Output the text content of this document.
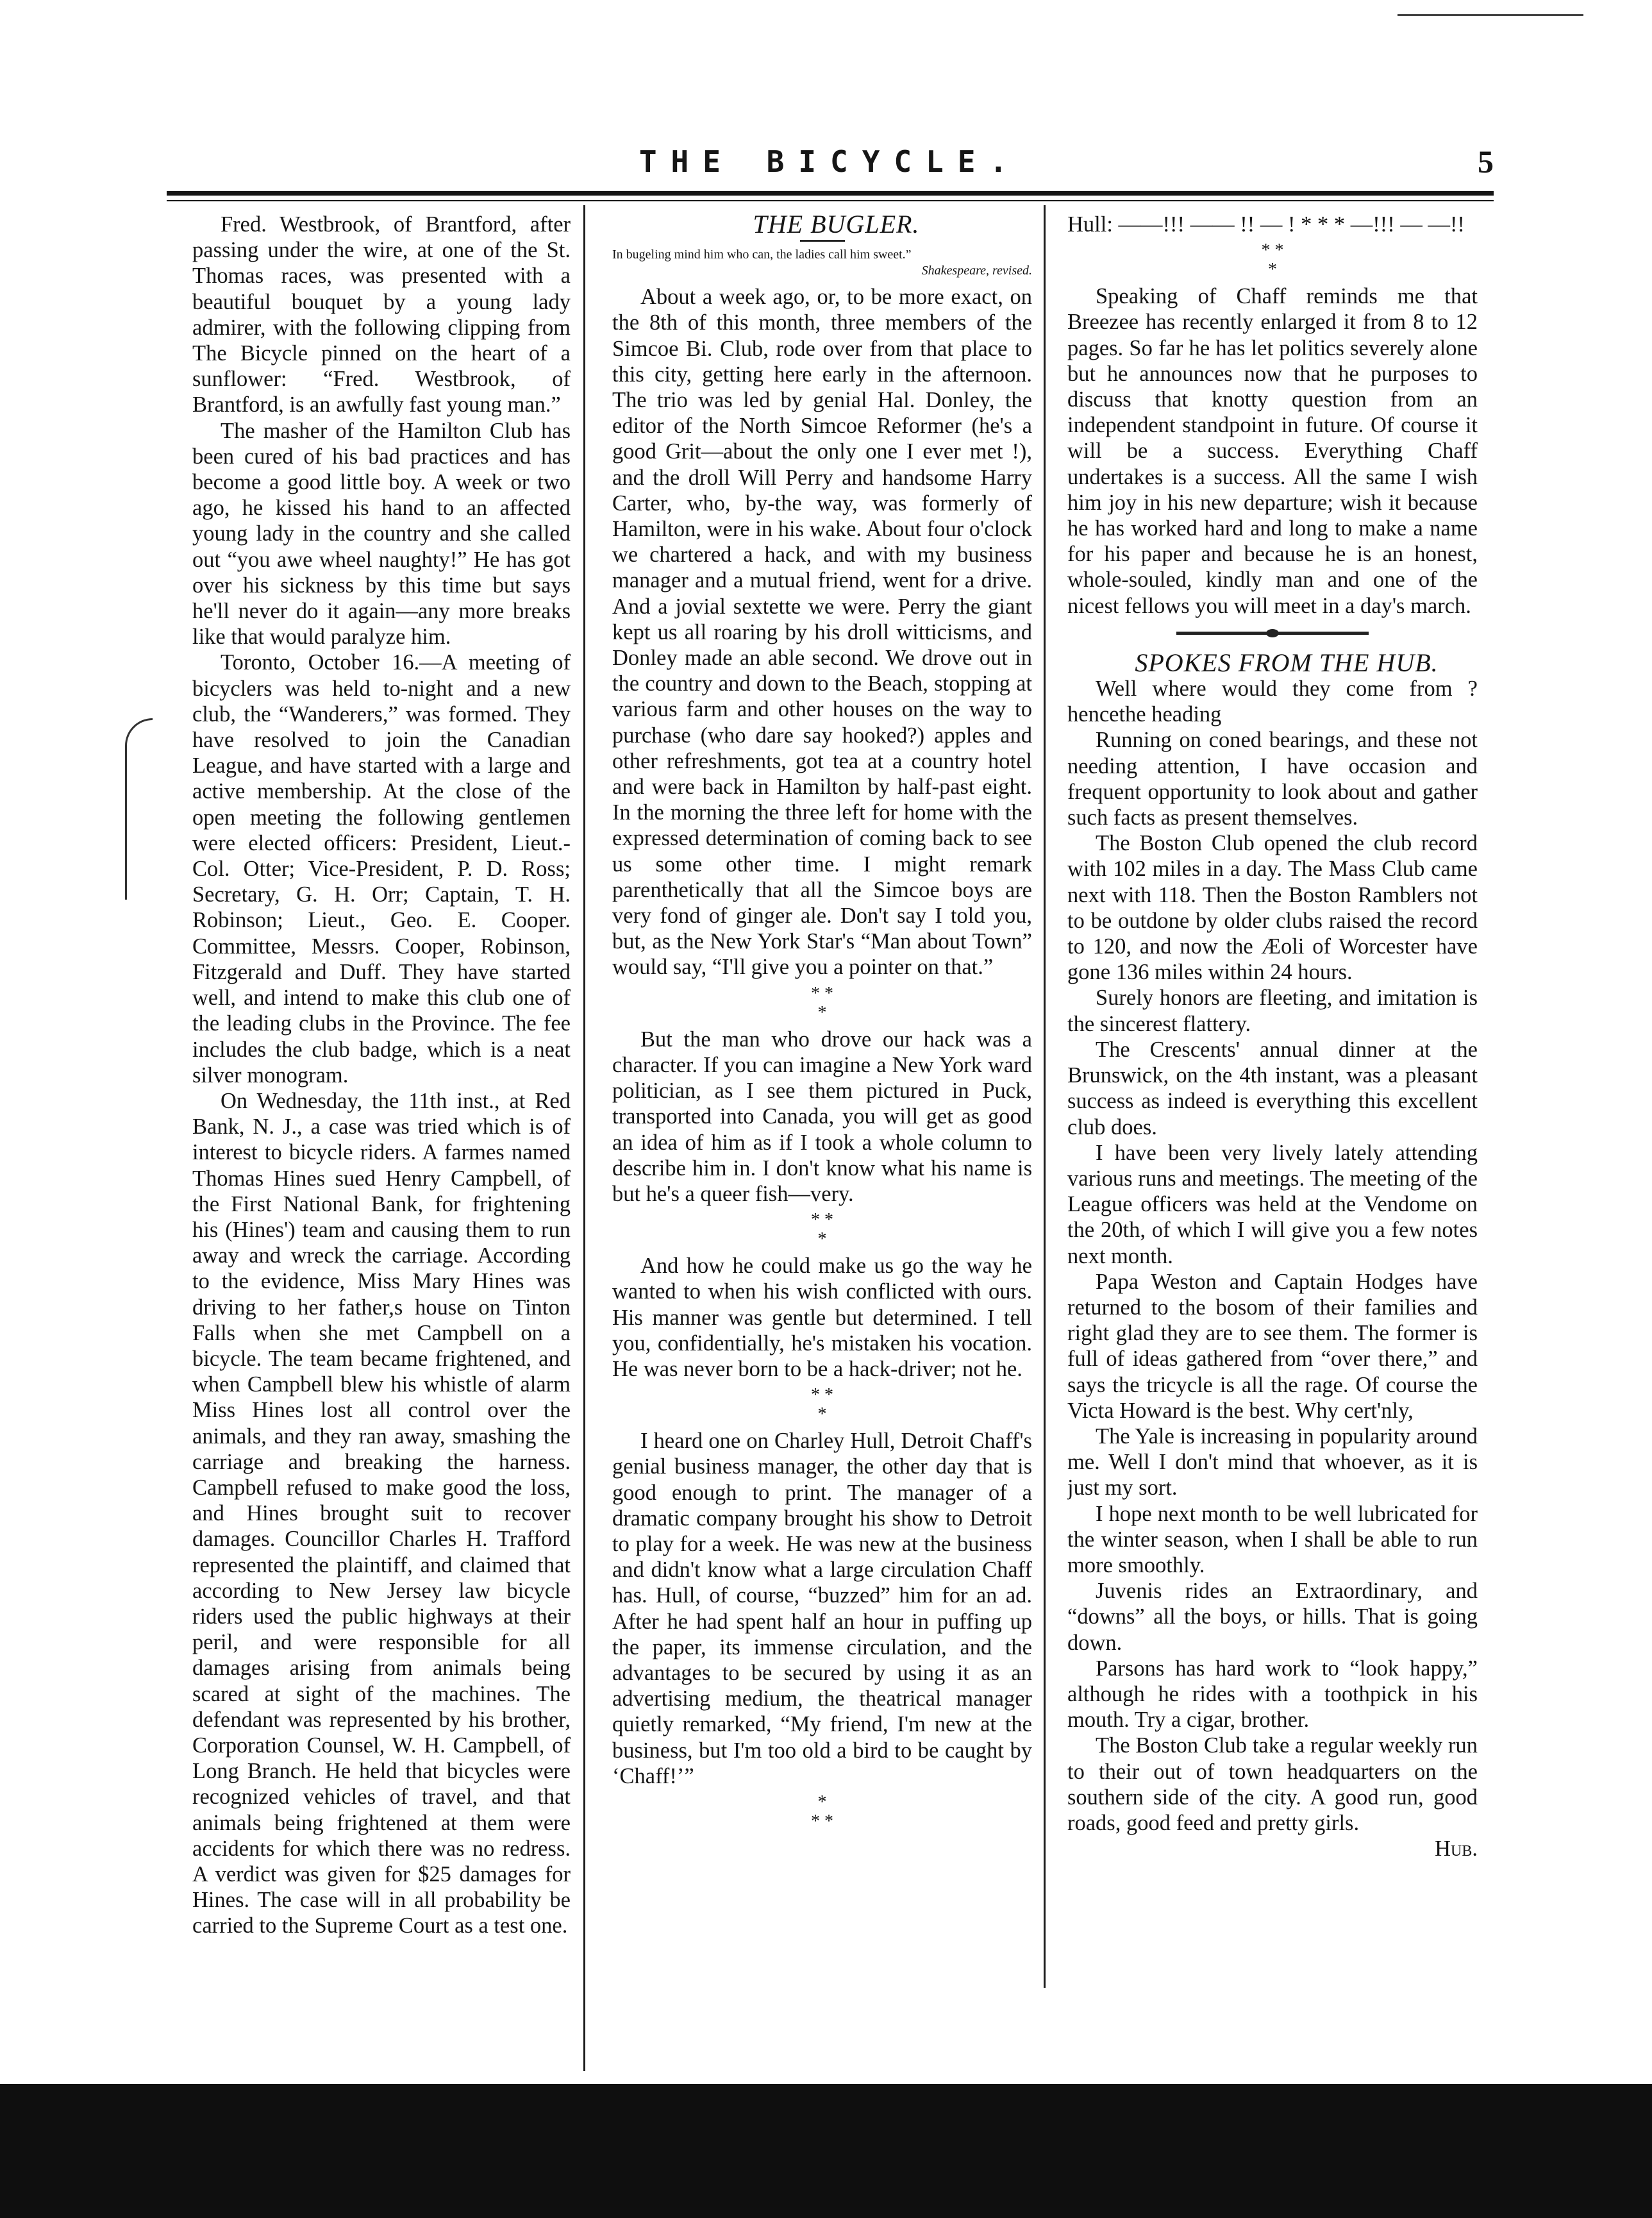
THE BICYCLE.	5

Fred. Westbrook, of Brantford, after passing under the wire, at one of the St. Thomas races, was presented with a beautiful bouquet by a young lady admirer, with the following clipping from The Bicycle pinned on the heart of a sunflower: “Fred. Westbrook, of Brantford, is an awfully fast young man.”

The masher of the Hamilton Club has been cured of his bad practices and has become a good little boy. A week or two ago, he kissed his hand to an affected young lady in the country and she called out “you awe wheel naughty!” He has got over his sickness by this time but says he'll never do it again—any more breaks like that would paralyze him.

Toronto, October 16.—A meeting of bicyclers was held to-night and a new club, the “Wanderers,” was formed. They have resolved to join the Canadian League, and have started with a large and active membership. At the close of the open meeting the following gentlemen were elected officers: President, Lieut.-Col. Otter; Vice-President, P. D. Ross; Secretary, G. H. Orr; Captain, T. H. Robinson; Lieut., Geo. E. Cooper. Committee, Messrs. Cooper, Robinson, Fitzgerald and Duff. They have started well, and intend to make this club one of the leading clubs in the Province. The fee includes the club badge, which is a neat silver monogram.

On Wednesday, the 11th inst., at Red Bank, N. J., a case was tried which is of interest to bicycle riders. A farmes named Thomas Hines sued Henry Campbell, of the First National Bank, for frightening his (Hines') team and causing them to run away and wreck the carriage. According to the evidence, Miss Mary Hines was driving to her father,s house on Tinton Falls when she met Campbell on a bicycle. The team became frightened, and when Campbell blew his whistle of alarm Miss Hines lost all control over the animals, and they ran away, smashing the carriage and breaking the harness. Campbell refused to make good the loss, and Hines brought suit to recover damages. Councillor Charles H. Trafford represented the plaintiff, and claimed that according to New Jersey law bicycle riders used the public highways at their peril, and were responsible for all damages arising from animals being scared at sight of the machines. The defendant was represented by his brother, Corporation Counsel, W. H. Campbell, of Long Branch. He held that bicycles were recognized vehicles of travel, and that animals being frightened at them were accidents for which there was no redress. A verdict was given for $25 damages for Hines. The case will in all probability be carried to the Supreme Court as a test one.

THE BUGLER.

In bugeling mind him who can, the ladies call him sweet.”

Shakespeare, revised.

About a week ago, or, to be more exact, on the 8th of this month, three members of the Simcoe Bi. Club, rode over from that place to this city, getting here early in the afternoon. The trio was led by genial Hal. Donley, the editor of the North Simcoe Reformer (he's a good Grit—about the only one I ever met !), and the droll Will Perry and handsome Harry Carter, who, by-the way, was formerly of Hamilton, were in his wake. About four o'clock we chartered a hack, and with my business manager and a mutual friend, went for a drive. And a jovial sextette we were. Perry the giant kept us all roaring by his droll witticisms, and Donley made an able second. We drove out in the country and down to the Beach, stopping at various farm and other houses on the way to purchase (who dare say hooked?) apples and other refreshments, got tea at a country hotel and were back in Hamilton by half-past eight. In the morning the three left for home with the expressed determination of coming back to see us some other time. I might remark parenthetically that all the Simcoe boys are very fond of ginger ale. Don't say I told you, but, as the New York Star's “Man about Town” would say, “I'll give you a pointer on that.”

* *
*

But the man who drove our hack was a character. If you can imagine a New York ward politician, as I see them pictured in Puck, transported into Canada, you will get as good an idea of him as if I took a whole column to describe him in. I don't know what his name is but he's a queer fish—very.

* *
*

And how he could make us go the way he wanted to when his wish conflicted with ours. His manner was gentle but determined. I tell you, confidentially, he's mistaken his vocation. He was never born to be a hack-driver; not he.

* *
*

I heard one on Charley Hull, Detroit Chaff's genial business manager, the other day that is good enough to print. The manager of a dramatic company brought his show to Detroit to play for a week. He was new at the business and didn't know what a large circulation Chaff has. Hull, of course, “buzzed” him for an ad. After he had spent half an hour in puffing up the paper, its immense circulation, and the advantages to be secured by using it as an advertising medium, the theatrical manager quietly remarked, “My friend, I'm new at the business, but I'm too old a bird to be caught by ‘Chaff!’”

*
* *

Hull: ——!!! —— !! — ! * * * —!!! — —!!

* *
*

Speaking of Chaff reminds me that Breezee has recently enlarged it from 8 to 12 pages. So far he has let politics severely alone but he announces now that he purposes to discuss that knotty question from an independent standpoint in future. Of course it will be a success. Everything Chaff undertakes is a success. All the same I wish him joy in his new departure; wish it because he has worked hard and long to make a name for his paper and because he is an honest, whole-souled, kindly man and one of the nicest fellows you will meet in a day's march.

SPOKES FROM THE HUB.

Well where would they come from ? hencethe heading

Running on coned bearings, and these not needing attention, I have occasion and frequent opportunity to look about and gather such facts as present themselves.

The Boston Club opened the club record with 102 miles in a day. The Mass Club came next with 118. Then the Boston Ramblers not to be outdone by older clubs raised the record to 120, and now the Æoli of Worcester have gone 136 miles within 24 hours.

Surely honors are fleeting, and imitation is the sincerest flattery.

The Crescents' annual dinner at the Brunswick, on the 4th instant, was a pleasant success as indeed is everything this excellent club does.

I have been very lively lately attending various runs and meetings. The meeting of the League officers was held at the Vendome on the 20th, of which I will give you a few notes next month.

Papa Weston and Captain Hodges have returned to the bosom of their families and right glad they are to see them. The former is full of ideas gathered from “over there,” and says the tricycle is all the rage. Of course the Victa Howard is the best. Why cert'nly,

The Yale is increasing in popularity around me. Well I don't mind that whoever, as it is just my sort.

I hope next month to be well lubricated for the winter season, when I shall be able to run more smoothly.

Juvenis rides an Extraordinary, and “downs” all the boys, or hills. That is going down.

Parsons has hard work to “look happy,” although he rides with a toothpick in his mouth. Try a cigar, brother.

The Boston Club take a regular weekly run to their out of town headquarters on the southern side of the city. A good run, good roads, good feed and pretty girls.

Hub.
